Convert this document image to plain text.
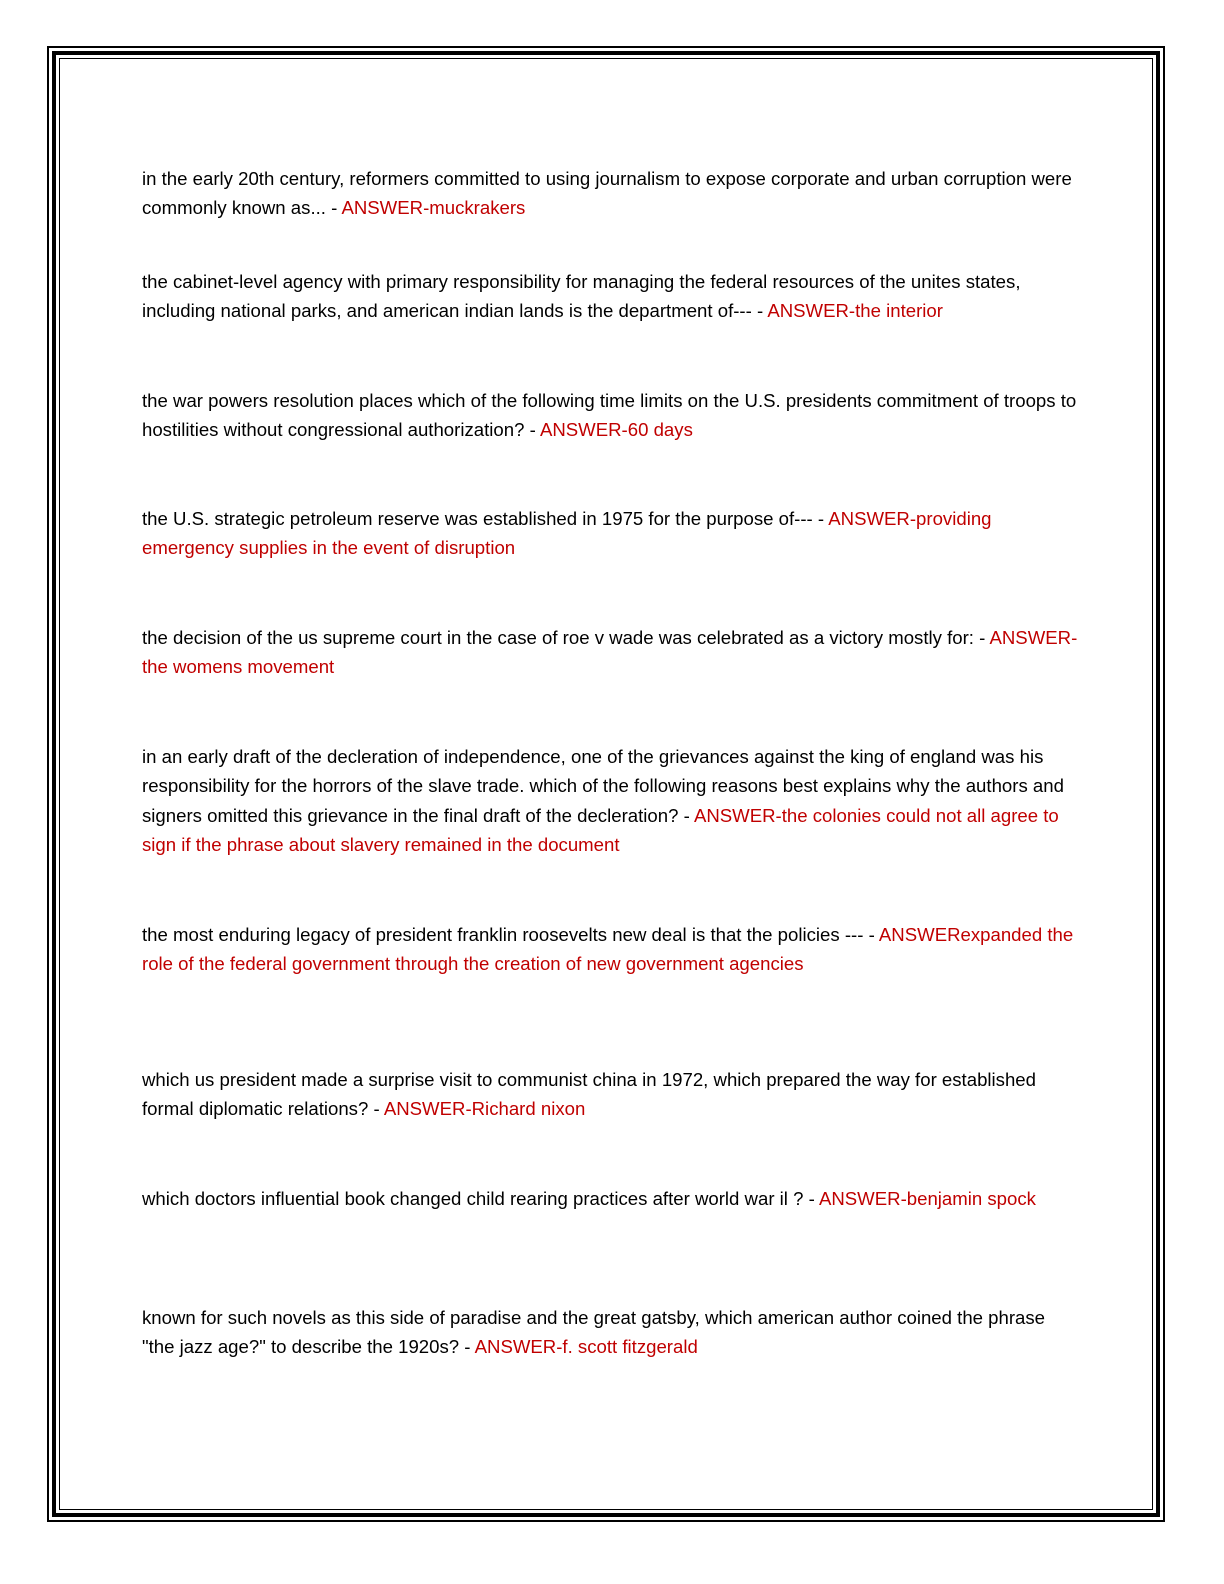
in the early 20th century, reformers committed to using journalism to expose corporate and urban corruption were commonly known as... - ANSWER-muckrakers

the cabinet-level agency with primary responsibility for managing the federal resources of the unites states, including national parks, and american indian lands is the department of--- - ANSWER-the interior

the war powers resolution places which of the following time limits on the U.S. presidents commitment of troops to hostilities without congressional authorization? - ANSWER-60 days

the U.S. strategic petroleum reserve was established in 1975 for the purpose of--- - ANSWER-providing emergency supplies in the event of disruption

the decision of the us supreme court in the case of roe v wade was celebrated as a victory mostly for: - ANSWER-the womens movement

in an early draft of the decleration of independence, one of the grievances against the king of england was his responsibility for the horrors of the slave trade. which of the following reasons best explains why the authors and signers omitted this grievance in the final draft of the decleration? - ANSWER-the colonies could not all agree to sign if the phrase about slavery remained in the document

the most enduring legacy of president franklin roosevelts new deal is that the policies --- - ANSWERexpanded the role of the federal government through the creation of new government agencies

which us president made a surprise visit to communist china in 1972, which prepared the way for established formal diplomatic relations? - ANSWER-Richard nixon

which doctors influential book changed child rearing practices after world war il ? - ANSWER-benjamin spock

known for such novels as this side of paradise and the great gatsby, which american author coined the phrase "the jazz age?" to describe the 1920s? - ANSWER-f. scott fitzgerald
